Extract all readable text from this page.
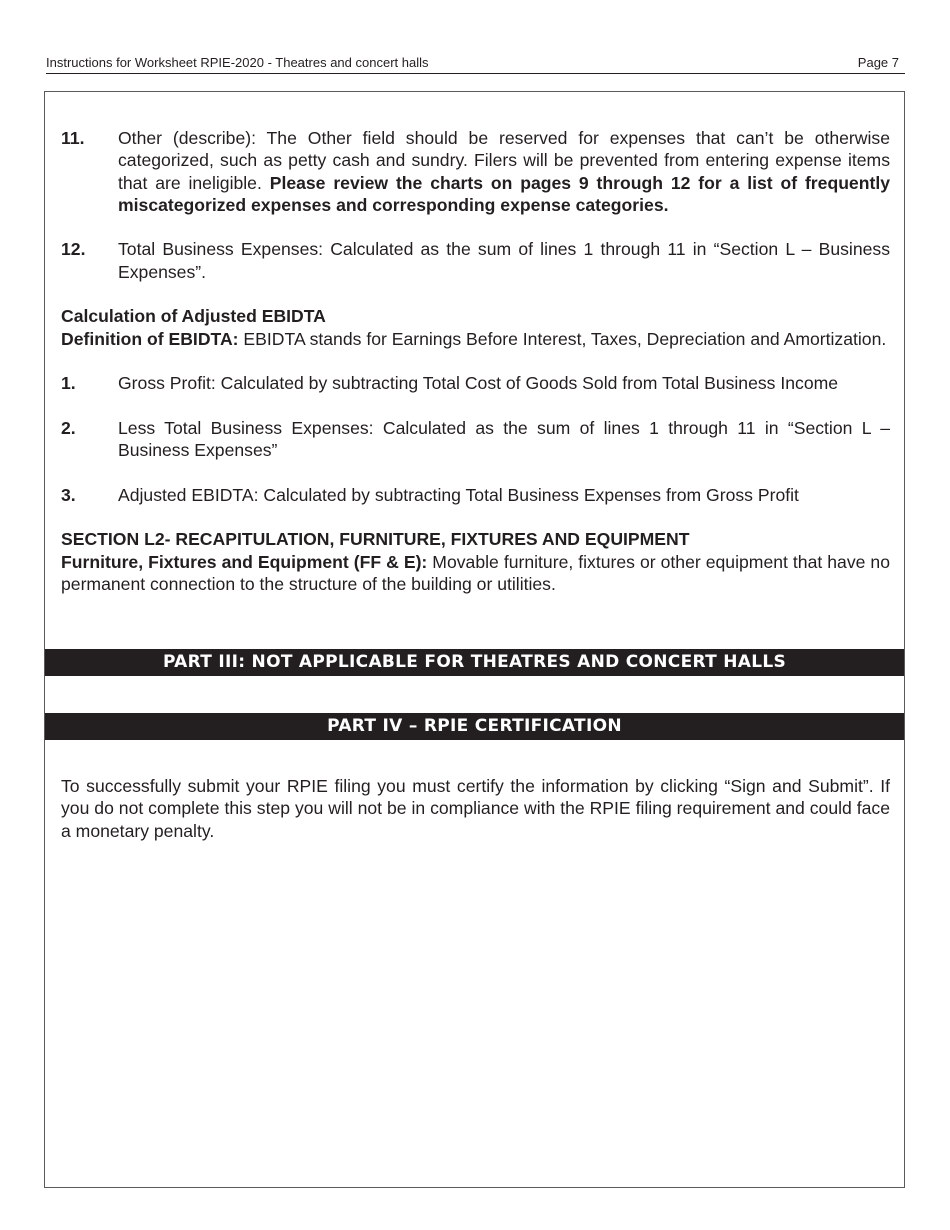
Instructions for Worksheet RPIE-2020 - Theatres and concert halls	Page 7
11. Other (describe): The Other field should be reserved for expenses that can’t be otherwise categorized, such as petty cash and sundry. Filers will be prevented from entering expense items that are ineligible. Please review the charts on pages 9 through 12 for a list of frequently miscategorized expenses and corresponding expense categories.
12. Total Business Expenses: Calculated as the sum of lines 1 through 11 in “Section L – Business Expenses”.
Calculation of Adjusted EBIDTA
Definition of EBIDTA: EBIDTA stands for Earnings Before Interest, Taxes, Depreciation and Amortization.
1. Gross Profit: Calculated by subtracting Total Cost of Goods Sold from Total Business Income
2. Less Total Business Expenses: Calculated as the sum of lines 1 through 11 in “Section L – Business Expenses”
3. Adjusted EBIDTA: Calculated by subtracting Total Business Expenses from Gross Profit
SECTION L2- RECAPITULATION, FURNITURE, FIXTURES AND EQUIPMENT
Furniture, Fixtures and Equipment (FF & E): Movable furniture, fixtures or other equipment that have no permanent connection to the structure of the building or utilities.
PART III: NOT APPLICABLE FOR THEATRES AND CONCERT HALLS
PART IV – RPIE CERTIFICATION
To successfully submit your RPIE filing you must certify the information by clicking “Sign and Submit”. If you do not complete this step you will not be in compliance with the RPIE filing requirement and could face a monetary penalty.
